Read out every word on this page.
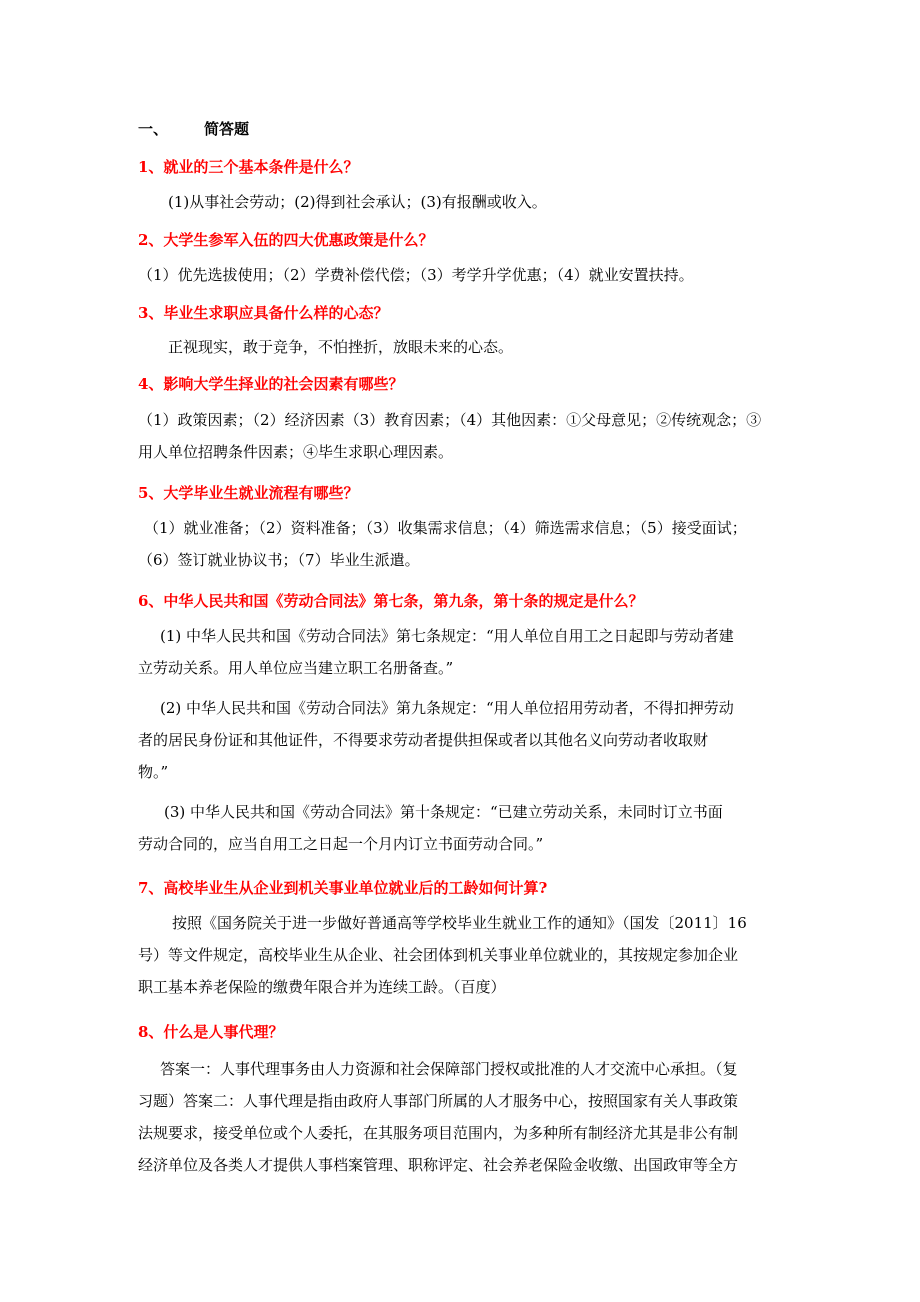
一、 简答题
1、就业的三个基本条件是什么？
(1)从事社会劳动；(2)得到社会承认；(3)有报酬或收入。
2、大学生参军入伍的四大优惠政策是什么？
（1）优先选拔使用；（2）学费补偿代偿；（3）考学升学优惠；（4）就业安置扶持。
3、毕业生求职应具备什么样的心态？
正视现实，敢于竞争，不怕挫折，放眼未来的心态。
4、影响大学生择业的社会因素有哪些？
（1）政策因素；（2）经济因素（3）教育因素；（4）其他因素：①父母意见；②传统观念；③
用人单位招聘条件因素；④毕生求职心理因素。
5、大学毕业生就业流程有哪些？
（1）就业准备；（2）资料准备；（3）收集需求信息；（4）筛选需求信息；（5）接受面试；
（6）签订就业协议书；（7）毕业生派遣。
6、中华人民共和国《劳动合同法》第七条，第九条，第十条的规定是什么？
(1) 中华人民共和国《劳动合同法》第七条规定：“用人单位自用工之日起即与劳动者建
立劳动关系。用人单位应当建立职工名册备查。”
(2) 中华人民共和国《劳动合同法》第九条规定：“用人单位招用劳动者，不得扣押劳动
者的居民身份证和其他证件，不得要求劳动者提供担保或者以其他名义向劳动者收取财
物。”
(3) 中华人民共和国《劳动合同法》第十条规定：“已建立劳动关系，未同时订立书面
劳动合同的，应当自用工之日起一个月内订立书面劳动合同。”
7、高校毕业生从企业到机关事业单位就业后的工龄如何计算?
按照《国务院关于进一步做好普通高等学校毕业生就业工作的通知》（国发〔2011〕16
号）等文件规定，高校毕业生从企业、社会团体到机关事业单位就业的，其按规定参加企业
职工基本养老保险的缴费年限合并为连续工龄。（百度）
8、什么是人事代理？
答案一：人事代理事务由人力资源和社会保障部门授权或批准的人才交流中心承担。（复
习题）答案二：人事代理是指由政府人事部门所属的人才服务中心，按照国家有关人事政策
法规要求，接受单位或个人委托，在其服务项目范围内，为多种所有制经济尤其是非公有制
经济单位及各类人才提供人事档案管理、职称评定、社会养老保险金收缴、出国政审等全方
